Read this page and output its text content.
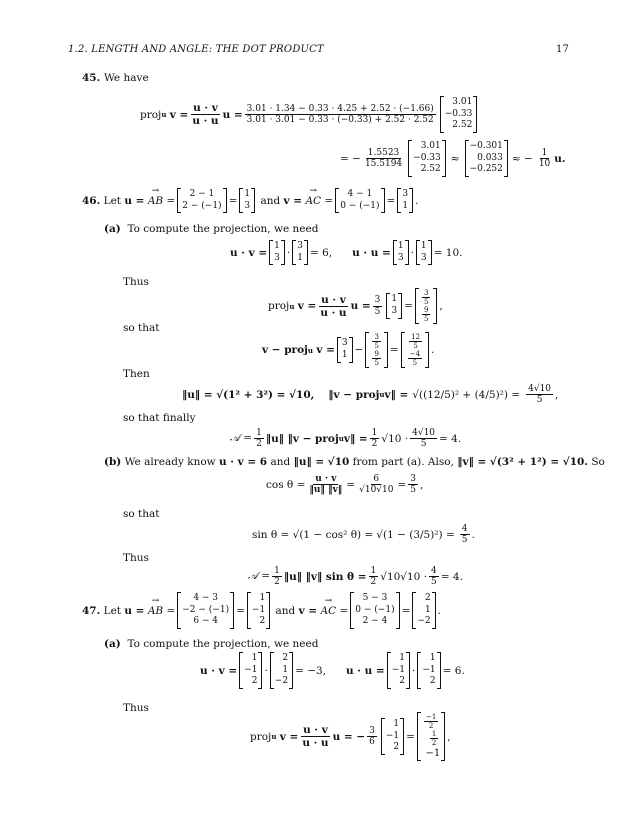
1.2. LENGTH AND ANGLE: THE DOT PRODUCT	17
45. We have
proj u
$v = \frac{u \cdot v}{u \cdot u}$ $u = \frac{3.01 \cdot 1.34 - 0.33 \cdot 4.25 + 2.52 \cdot (-1.66)}{3.01 \cdot 3.01 - 0.33 \cdot (-0.33) + 2.52 \cdot 2.52}$
3.01
−0.33
2.52
= − $\frac{1.5523}{15.5194}$
3.01
−0.33
2.52
≈
−0.301
0.033
−0.252
≈ − $\frac{1}{10} u$.
46.
Let
u =
→ AB
=
2 − 1
2 − (−1) =
1
3
and
v =
→ AC
=
4 − 1
0 − (−1) =
3
1 .
(a) To compute the projection, we need
u · v =
1
3 ·
3
1 = 6, u · u =
1
3 ·
1
3 = 10.
Thus
proj u
$v = \frac{u \cdot v}{u \cdot u}$ $u = \frac{3}{5} 1$
$3 = \frac{3}{5}$
$\frac{9}{5}$ ,
so that
v − proj u
v =
3
$1 - \frac{3}{5}$
$\frac{9}{5} = \frac{12}{5}$
$\frac{-4}{5}$ .
Then
‖u‖ = √(1² + 3²) = √10, ‖v − proj u v‖ = $√((12/5)^2 + (4/5)^2) = \frac{4√10}{5}$ ,
so that finally
𝒜 = $\frac{1}{2}$ ‖u‖ ‖v − proj u v‖ = $\frac{1}{2} √10 \cdot \frac{4√10}{5} = 4$.
(b)
We already know
u · v = 6
and
‖u‖ = √10
from part (a). Also,
‖v‖ = √(3² + 1²) = √10.
So
$\cos \theta = \frac{u \cdot v}{‖u‖ ‖v‖} = \frac{6}{√10√10} = \frac{3}{5}$ ,
so that
sin θ = √(1 − cos² $\theta) = √(1 - (3/5)^2) = \frac{4}{5}$ .
Thus
𝒜 = $\frac{1}{2}$ ‖u‖ ‖v‖ $\sin \theta = \frac{1}{2} √10√10 \cdot \frac{4}{5} = 4$.
47.
Let
u =
→ AB =
4 − 3
−2 − (−1)
6 − 4
=
1
−1
2

and
v =
→ AC =
5 − 3
0 − (−1)
2 − 4
=
2
1
−2
.
(a) To compute the projection, we need
u · v =
1
−1
2
·
2
1
−2
= −3, u · u =
1
−1
2
·
1
−1
2
= 6.
Thus
proj u
$v = \frac{u \cdot v}{u \cdot u}$ u = − $\frac{3}{6}$
1
−1
2
=
$\frac{-1}{2}$
$\frac{1}{2}$
−1
,
